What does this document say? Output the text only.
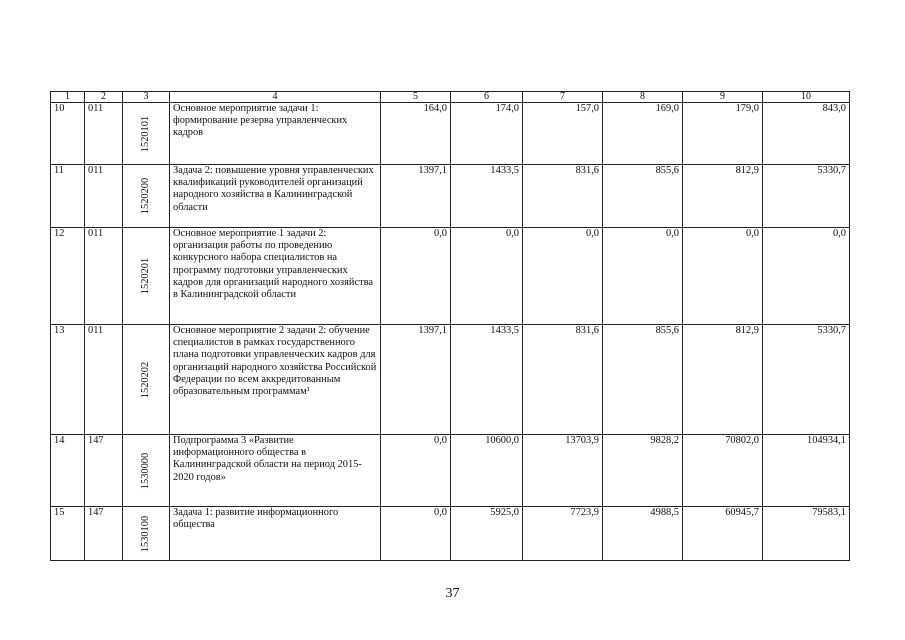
1	2	3	4	5	6	7	8	9	10
10	011	1520101	Основное мероприятие задачи 1: формирование резерва управленческих кадров	164,0	174,0	157,0	169,0	179,0	843,0
11	011	1520200	Задача 2: повышение уровня управленческих квалификаций руководителей организаций народного хозяйства в Калининградской области	1397,1	1433,5	831,6	855,6	812,9	5330,7
12	011	1520201	Основное мероприятие 1 задачи 2: организация работы по проведению конкурсного набора специалистов на программу подготовки управленческих кадров для организаций народного хозяйства в Калининградской области	0,0	0,0	0,0	0,0	0,0	0,0
13	011	1520202	Основное мероприятие 2 задачи 2: обучение специалистов в рамках государственного плана подготовки управленческих кадров для организаций народного хозяйства Российской Федерации по всем аккредитованным образовательным программам¹	1397,1	1433,5	831,6	855,6	812,9	5330,7
14	147	1530000	Подпрограмма 3 «Развитие информационного общества в Калининградской области на период 2015-2020 годов»	0,0	10600,0	13703,9	9828,2	70802,0	104934,1
15	147	1530100	Задача 1: развитие информационного общества	0,0	5925,0	7723,9	4988,5	60945,7	79583,1
37
